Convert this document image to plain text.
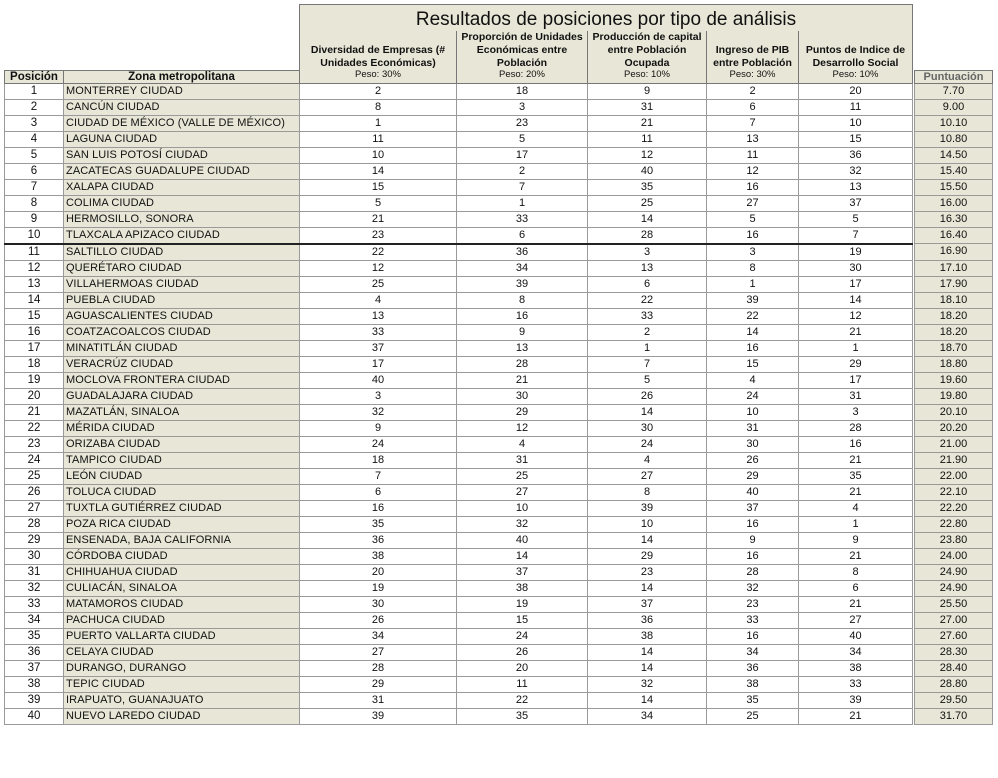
		Resultados de posiciones por tipo de análisis						
		Diversidad de Empresas (# Unidades Económicas)	Proporción de Unidades Económicas entre Población	Producción de capital entre Población Ocupada	Ingreso de PIB entre Población	Puntos de Indice de Desarrollo Social		
Posición	Zona metropolitana	Peso: 30%	Peso: 20%	Peso: 10%	Peso: 30%	Peso: 10%		Puntuación

1	MONTERREY CIUDAD	2	18	9	2	20		7.70
2	CANCÚN CIUDAD	8	3	31	6	11		9.00
3	CIUDAD DE MÉXICO (VALLE DE MÉXICO)	1	23	21	7	10		10.10
4	LAGUNA CIUDAD	11	5	11	13	15		10.80
5	SAN LUIS POTOSÍ CIUDAD	10	17	12	11	36		14.50
6	ZACATECAS GUADALUPE CIUDAD	14	2	40	12	32		15.40
7	XALAPA CIUDAD	15	7	35	16	13		15.50
8	COLIMA CIUDAD	5	1	25	27	37		16.00
9	HERMOSILLO, SONORA	21	33	14	5	5		16.30
10	TLAXCALA APIZACO CIUDAD	23	6	28	16	7		16.40
11	SALTILLO CIUDAD	22	36	3	3	19		16.90
12	QUERÉTARO CIUDAD	12	34	13	8	30		17.10
13	VILLAHERMOAS CIUDAD	25	39	6	1	17		17.90
14	PUEBLA CIUDAD	4	8	22	39	14		18.10
15	AGUASCALIENTES CIUDAD	13	16	33	22	12		18.20
16	COATZACOALCOS CIUDAD	33	9	2	14	21		18.20
17	MINATITLÁN CIUDAD	37	13	1	16	1		18.70
18	VERACRÚZ CIUDAD	17	28	7	15	29		18.80
19	MOCLOVA FRONTERA CIUDAD	40	21	5	4	17		19.60
20	GUADALAJARA CIUDAD	3	30	26	24	31		19.80
21	MAZATLÁN, SINALOA	32	29	14	10	3		20.10
22	MÉRIDA CIUDAD	9	12	30	31	28		20.20
23	ORIZABA CIUDAD	24	4	24	30	16		21.00
24	TAMPICO CIUDAD	18	31	4	26	21		21.90
25	LEÓN CIUDAD	7	25	27	29	35		22.00
26	TOLUCA CIUDAD	6	27	8	40	21		22.10
27	TUXTLA GUTIÉRREZ CIUDAD	16	10	39	37	4		22.20
28	POZA RICA CIUDAD	35	32	10	16	1		22.80
29	ENSENADA, BAJA CALIFORNIA	36	40	14	9	9		23.80
30	CÓRDOBA CIUDAD	38	14	29	16	21		24.00
31	CHIHUAHUA CIUDAD	20	37	23	28	8		24.90
32	CULIACÁN, SINALOA	19	38	14	32	6		24.90
33	MATAMOROS CIUDAD	30	19	37	23	21		25.50
34	PACHUCA CIUDAD	26	15	36	33	27		27.00
35	PUERTO VALLARTA CIUDAD	34	24	38	16	40		27.60
36	CELAYA CIUDAD	27	26	14	34	34		28.30
37	DURANGO, DURANGO	28	20	14	36	38		28.40
38	TEPIC CIUDAD	29	11	32	38	33		28.80
39	IRAPUATO, GUANAJUATO	31	22	14	35	39		29.50
40	NUEVO LAREDO CIUDAD	39	35	34	25	21		31.70
